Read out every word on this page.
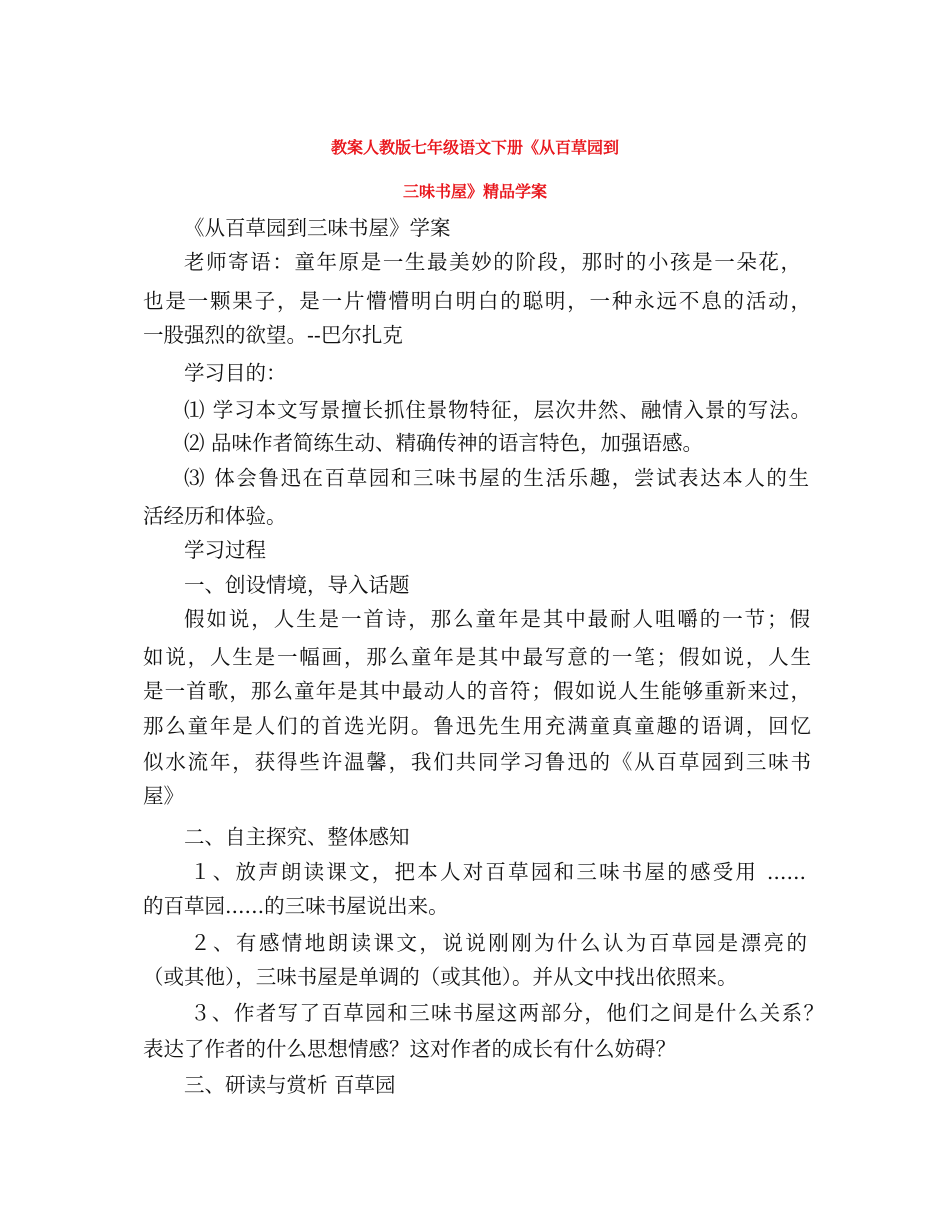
教案人教版七年级语文下册《从百草园到
三味书屋》精品学案
《从百草园到三味书屋》学案
老师寄语：童年原是一生最美妙的阶段，那时的小孩是一朵花，
也是一颗果子，是一片懵懵明白明白的聪明，一种永远不息的活动，
一股强烈的欲望。--巴尔扎克
学习目的：
⑴ 学习本文写景擅长抓住景物特征，层次井然、融情入景的写法。
⑵ 品味作者简练生动、精确传神的语言特色，加强语感。
⑶ 体会鲁迅在百草园和三味书屋的生活乐趣，尝试表达本人的生
活经历和体验。
学习过程
一、创设情境，导入话题
假如说，人生是一首诗，那么童年是其中最耐人咀嚼的一节；假
如说，人生是一幅画，那么童年是其中最写意的一笔；假如说，人生
是一首歌，那么童年是其中最动人的音符；假如说人生能够重新来过，
那么童年是人们的首选光阴。鲁迅先生用充满童真童趣的语调，回忆
似水流年，获得些许温馨，我们共同学习鲁迅的《从百草园到三味书
屋》
二、自主探究、整体感知
１、放声朗读课文，把本人对百草园和三味书屋的感受用 ......
的百草园......的三味书屋说出来。
２、有感情地朗读课文，说说刚刚为什么认为百草园是漂亮的
（或其他），三味书屋是单调的（或其他）。并从文中找出依照来。
３、作者写了百草园和三味书屋这两部分，他们之间是什么关系？
表达了作者的什么思想情感？这对作者的成长有什么妨碍？
三、研读与赏析 百草园
